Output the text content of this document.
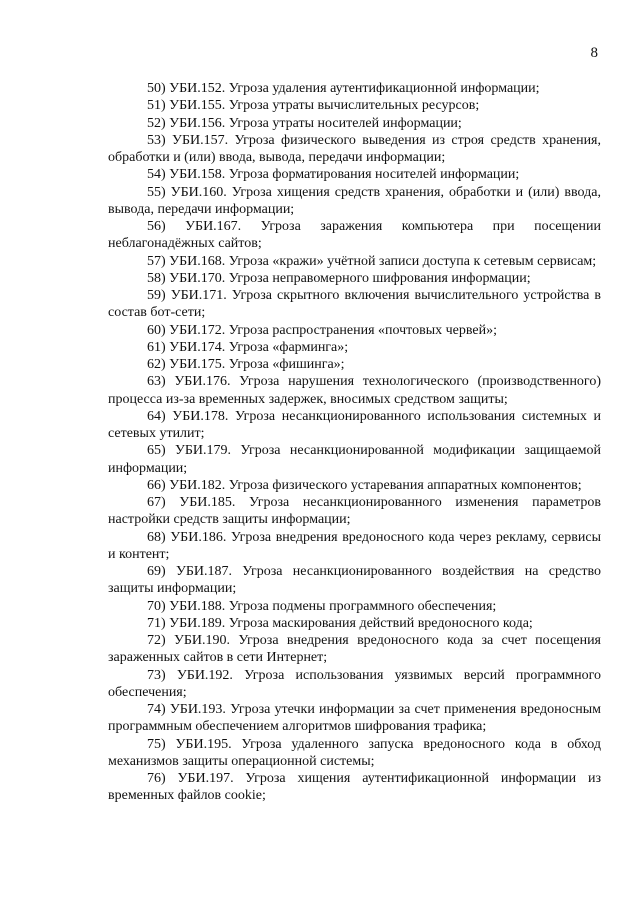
8

50) УБИ.152. Угроза удаления аутентификационной информации;

51) УБИ.155. Угроза утраты вычислительных ресурсов;

52) УБИ.156. Угроза утраты носителей информации;

53) УБИ.157. Угроза физического выведения из строя средств хранения, обработки и (или) ввода, вывода, передачи информации;

54) УБИ.158. Угроза форматирования носителей информации;

55) УБИ.160. Угроза хищения средств хранения, обработки и (или) ввода, вывода, передачи информации;

56) УБИ.167. Угроза заражения компьютера при посещении неблагонадёжных сайтов;

57) УБИ.168. Угроза «кражи» учётной записи доступа к сетевым сервисам;

58) УБИ.170. Угроза неправомерного шифрования информации;

59) УБИ.171. Угроза скрытного включения вычислительного устройства в состав бот-сети;

60) УБИ.172. Угроза распространения «почтовых червей»;

61) УБИ.174. Угроза «фарминга»;

62) УБИ.175. Угроза «фишинга»;

63) УБИ.176. Угроза нарушения технологического (производственного) процесса из-за временных задержек, вносимых средством защиты;

64) УБИ.178. Угроза несанкционированного использования системных и сетевых утилит;

65) УБИ.179. Угроза несанкционированной модификации защищаемой информации;

66) УБИ.182. Угроза физического устаревания аппаратных компонентов;

67) УБИ.185. Угроза несанкционированного изменения параметров настройки средств защиты информации;

68) УБИ.186. Угроза внедрения вредоносного кода через рекламу, сервисы и контент;

69) УБИ.187. Угроза несанкционированного воздействия на средство защиты информации;

70) УБИ.188. Угроза подмены программного обеспечения;

71) УБИ.189. Угроза маскирования действий вредоносного кода;

72) УБИ.190. Угроза внедрения вредоносного кода за счет посещения зараженных сайтов в сети Интернет;

73) УБИ.192. Угроза использования уязвимых версий программного обеспечения;

74) УБИ.193. Угроза утечки информации за счет применения вредоносным программным обеспечением алгоритмов шифрования трафика;

75) УБИ.195. Угроза удаленного запуска вредоносного кода в обход механизмов защиты операционной системы;

76) УБИ.197. Угроза хищения аутентификационной информации из временных файлов cookie;
